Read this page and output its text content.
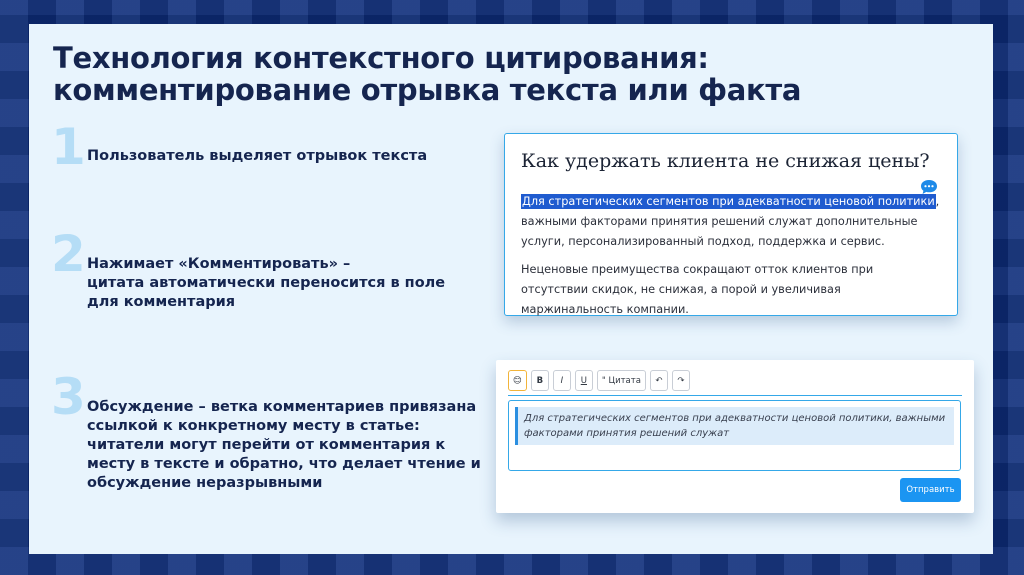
Технология контекстного цитирования:
комментирование отрывка текста или факта
1 Пользователь выделяет отрывок текста
2 Нажимает «Комментировать» –
цитата автоматически переносится в поле
для комментария
3 Обсуждение – ветка комментариев привязана
ссылкой к конкретному месту в статье:
читатели могут перейти от комментария к
месту в тексте и обратно, что делает чтение и
обсуждение неразрывными
Как удержать клиента не снижая цены?
Для стратегических сегментов при адекватности ценовой политики, важными факторами принятия решений служат дополнительные услуги, персонализированный подход, поддержка и сервис.
Неценовые преимущества сокращают отток клиентов при отсутствии скидок, не снижая, а порой и увеличивая маржинальность компании.
😊	B	I	U	" Цитата	↶	↷
Для стратегических сегментов при адекватности ценовой политики, важными факторами принятия решений служат
Отправить
